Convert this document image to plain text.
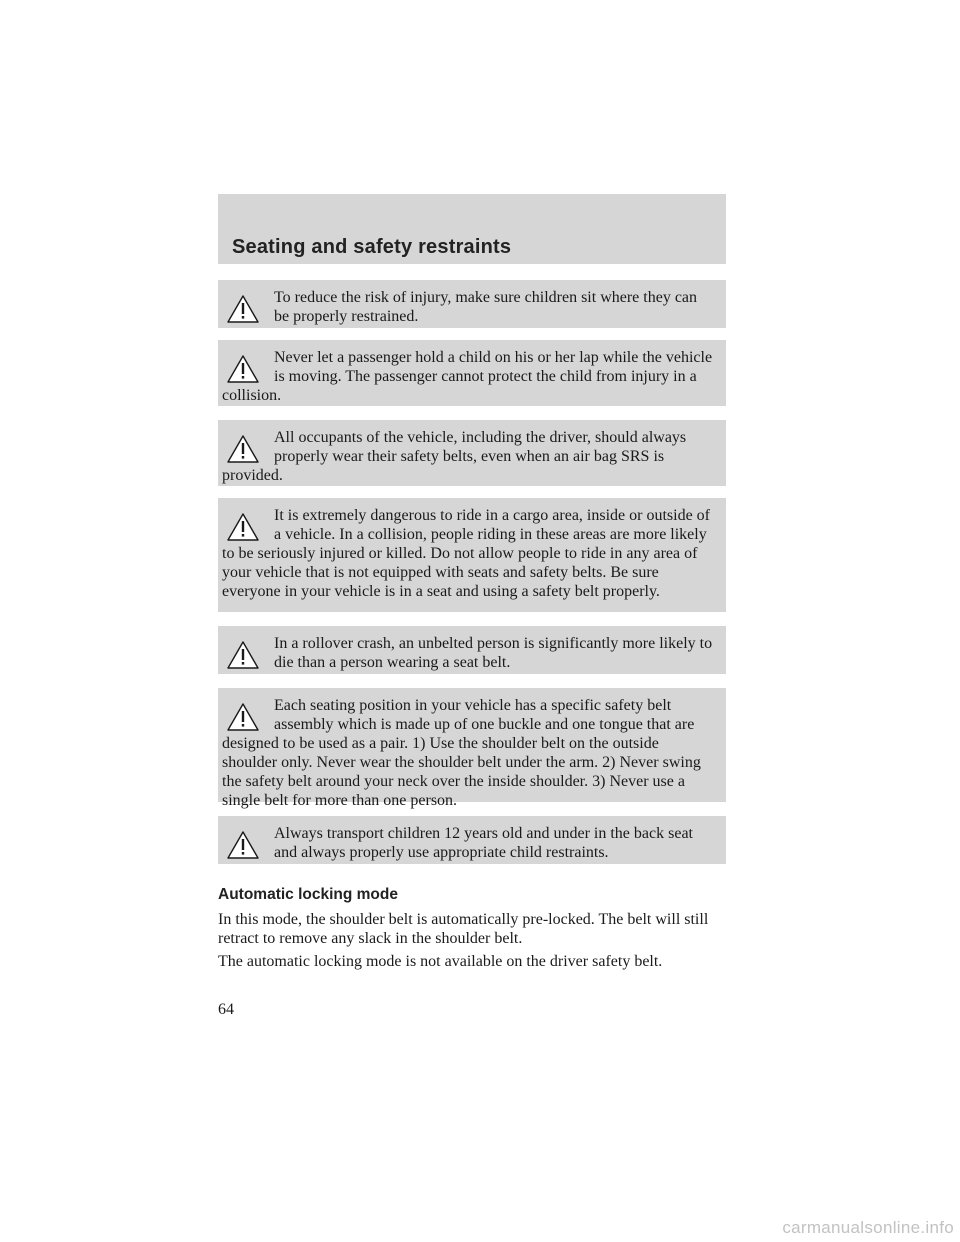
Seating and safety restraints

To reduce the risk of injury, make sure children sit where they can be properly restrained.

Never let a passenger hold a child on his or her lap while the vehicle is moving. The passenger cannot protect the child from injury in a collision.

All occupants of the vehicle, including the driver, should always properly wear their safety belts, even when an air bag SRS is provided.

It is extremely dangerous to ride in a cargo area, inside or outside of a vehicle. In a collision, people riding in these areas are more likely to be seriously injured or killed. Do not allow people to ride in any area of your vehicle that is not equipped with seats and safety belts. Be sure everyone in your vehicle is in a seat and using a safety belt properly.

In a rollover crash, an unbelted person is significantly more likely to die than a person wearing a seat belt.

Each seating position in your vehicle has a specific safety belt assembly which is made up of one buckle and one tongue that are designed to be used as a pair. 1) Use the shoulder belt on the outside shoulder only. Never wear the shoulder belt under the arm. 2) Never swing the safety belt around your neck over the inside shoulder. 3) Never use a single belt for more than one person.

Always transport children 12 years old and under in the back seat and always properly use appropriate child restraints.

Automatic locking mode

In this mode, the shoulder belt is automatically pre-locked. The belt will still retract to remove any slack in the shoulder belt.

The automatic locking mode is not available on the driver safety belt.

64
carmanualsonline.info
